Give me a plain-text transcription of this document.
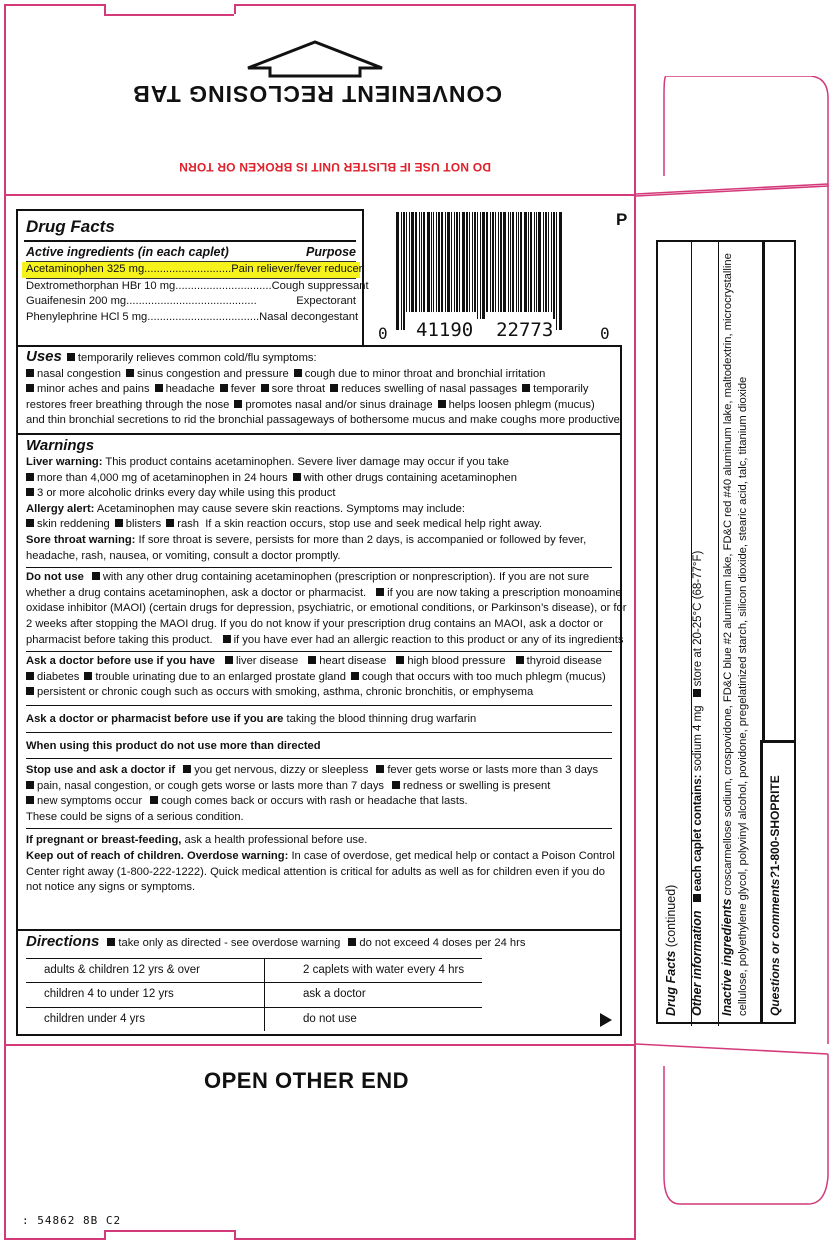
CONVENIENT RECLOSING TAB
DO NOT USE IF BLISTER UNIT IS BROKEN OR TORN
Drug Facts
Active ingredients (in each caplet)	Purpose
Acetaminophen 325 mg............................ Pain reliever/fever reducer
Dextromethorphan HBr 10 mg............................... Cough suppressant
Guaifenesin 200 mg..........................................	Expectorant
Phenylephrine HCl 5 mg.................................... Nasal decongestant
0 41190  22773	0
P
Uses temporarily relieves common cold/flu symptoms:
nasal congestion sinus congestion and pressure cough due to minor throat and bronchial irritation
minor aches and pains headache fever sore throat reduces swelling of nasal passages temporarily
restores freer breathing through the nose promotes nasal and/or sinus drainage helps loosen phlegm (mucus)
and thin bronchial secretions to rid the bronchial passageways of bothersome mucus and make coughs more productive
Warnings
Liver warning: This product contains acetaminophen. Severe liver damage may occur if you take
more than 4,000 mg of acetaminophen in 24 hours with other drugs containing acetaminophen
3 or more alcoholic drinks every day while using this product
Allergy alert: Acetaminophen may cause severe skin reactions. Symptoms may include:
skin reddening blisters rash If a skin reaction occurs, stop use and seek medical help right away.
Sore throat warning: If sore throat is severe, persists for more than 2 days, is accompanied or followed by fever,
headache, rash, nausea, or vomiting, consult a doctor promptly.
Do not use with any other drug containing acetaminophen (prescription or nonprescription). If you are not sure
whether a drug contains acetaminophen, ask a doctor or pharmacist. if you are now taking a prescription monoamine
oxidase inhibitor (MAOI) (certain drugs for depression, psychiatric, or emotional conditions, or Parkinson’s disease), or for
2 weeks after stopping the MAOI drug. If you do not know if your prescription drug contains an MAOI, ask a doctor or
pharmacist before taking this product. if you have ever had an allergic reaction to this product or any of its ingredients
Ask a doctor before use if you have liver disease heart disease high blood pressure thyroid disease
diabetes trouble urinating due to an enlarged prostate gland cough that occurs with too much phlegm (mucus)
persistent or chronic cough such as occurs with smoking, asthma, chronic bronchitis, or emphysema
Ask a doctor or pharmacist before use if you are taking the blood thinning drug warfarin
When using this product do not use more than directed
Stop use and ask a doctor if you get nervous, dizzy or sleepless fever gets worse or lasts more than 3 days
pain, nasal congestion, or cough gets worse or lasts more than 7 days redness or swelling is present
new symptoms occur cough comes back or occurs with rash or headache that lasts.
These could be signs of a serious condition.
If pregnant or breast-feeding, ask a health professional before use.
Keep out of reach of children. Overdose warning: In case of overdose, get medical help or contact a Poison Control
Center right away (1-800-222-1222). Quick medical attention is critical for adults as well as for children even if you do
not notice any signs or symptoms.
Directions take only as directed - see overdose warning do not exceed 4 doses per 24 hrs
adults & children 12 yrs & over	2 caplets with water every 4 hrs
children 4 to under 12 yrs	ask a doctor
children under 4 yrs	do not use
OPEN OTHER END
: 54862 8B C2
Drug Facts (continued) Other informationeach caplet contains: sodium 4 mgstore at 20-25°C (68-77°F)
Inactive ingredients croscarmellose sodium, crospovidone, FD&C blue #2 aluminum lake, FD&C red #40 aluminum lake, maltodextrin, microcrystalline cellulose, polyethylene glycol, polyvinyl alcohol, povidone, pregelatinized starch, silicon dioxide, stearic acid, talc, titanium dioxide Questions or comments?1-800-SHOPRITE
